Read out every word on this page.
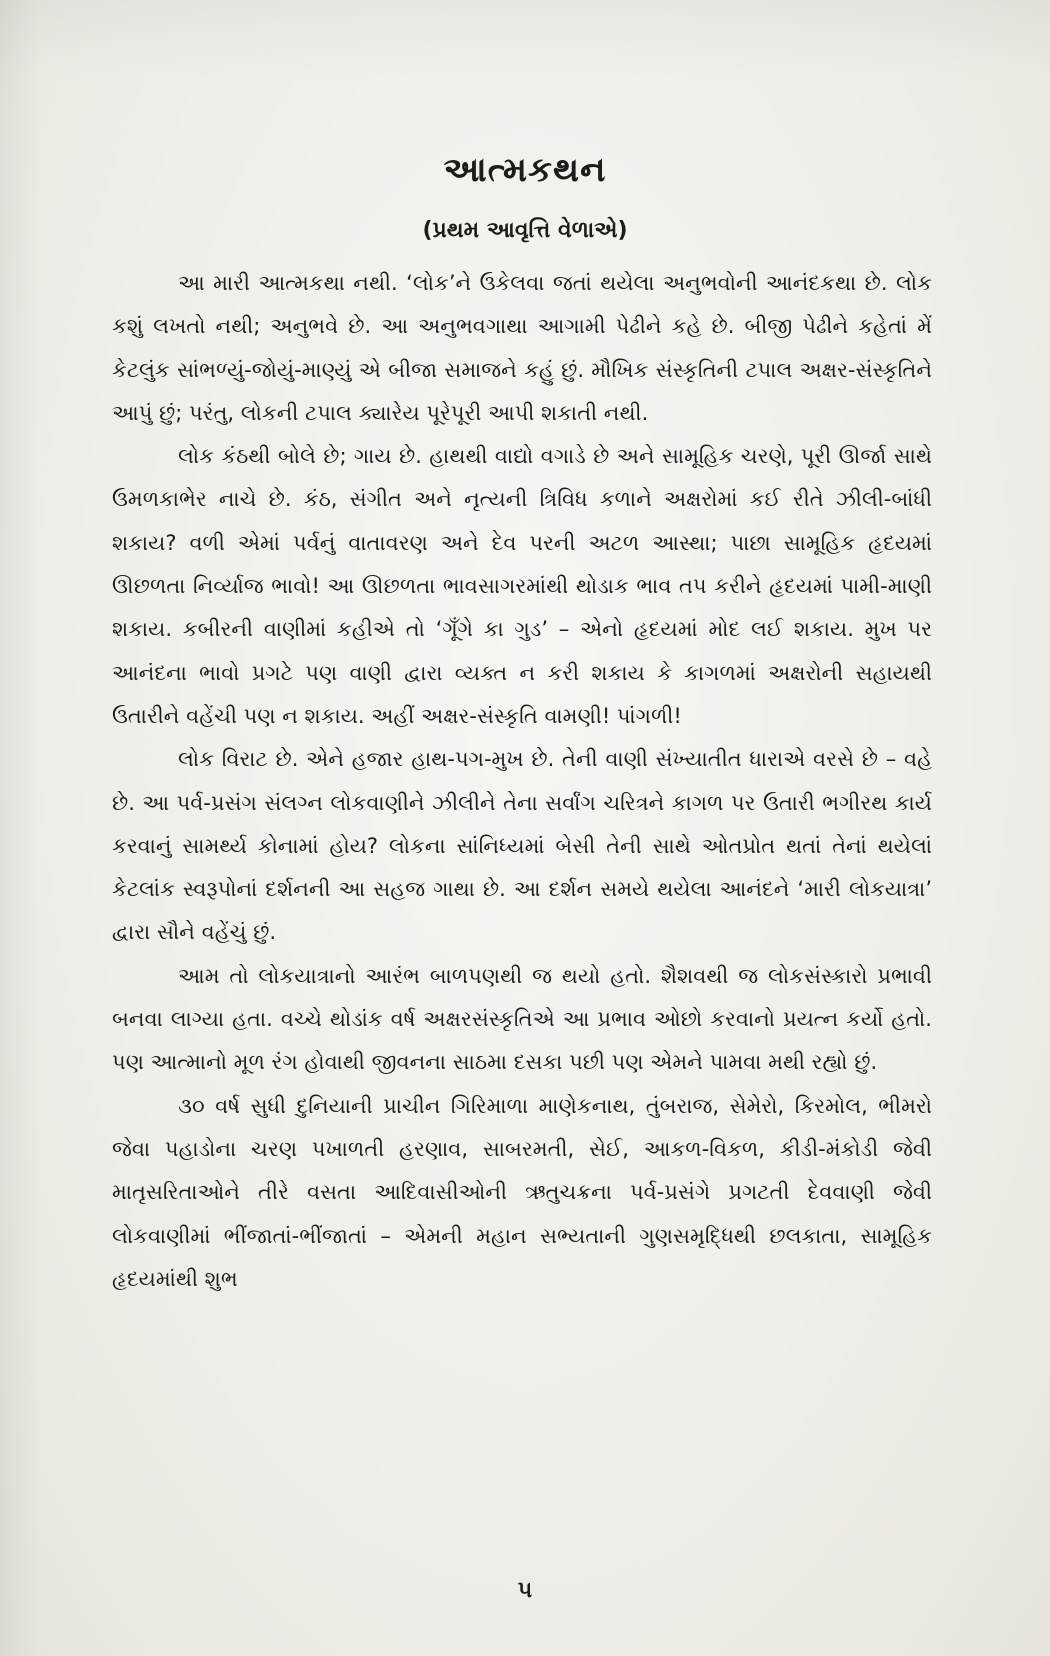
આત્મકથન
(પ્રથમ આવૃત્તિ વેળાએ)

આ મારી આત્મકથા નથી. ‘લોક’ને ઉકેલવા જતાં થયેલા અનુભવોની આનંદકથા છે. લોક કશું લખતો નથી; અનુભવે છે. આ અનુભવગાથા આગામી પેઢીને કહે છે. બીજી પેઢીને કહેતાં મેં કેટલુંક સાંભળ્યું-જોયું-માણ્યું એ બીજા સમાજને કહું છું. મૌખિક સંસ્કૃતિની ટપાલ અક્ષર-સંસ્કૃતિને આપું છું; પરંતુ, લોકની ટપાલ ક્યારેય પૂરેપૂરી આપી શકાતી નથી.

લોક કંઠથી બોલે છે; ગાય છે. હાથથી વાદ્યો વગાડે છે અને સામૂહિક ચરણે, પૂરી ઊર્જા સાથે ઉમળકાભેર નાચે છે. કંઠ, સંગીત અને નૃત્યની ત્રિવિધ કળાને અક્ષરોમાં કઈ રીતે ઝીલી-બાંધી શકાય? વળી એમાં પર્વનું વાતાવરણ અને દેવ પરની અટળ આસ્થા; પાછા સામૂહિક હૃદયમાં ઊછળતા નિર્વ્યાજ ભાવો! આ ઊછળતા ભાવસાગરમાંથી થોડાક ભાવ તપ કરીને હૃદયમાં પામી-માણી શકાય. કબીરની વાણીમાં કહીએ તો ‘ગૂઁગે કા ગુડ’ – એનો હૃદયમાં મોદ લઈ શકાય. મુખ પર આનંદના ભાવો પ્રગટે પણ વાણી દ્વારા વ્યક્ત ન કરી શકાય કે કાગળમાં અક્ષરોની સહાયથી ઉતારીને વહેંચી પણ ન શકાય. અહીં અક્ષર-સંસ્કૃતિ વામણી! પાંગળી!

લોક વિરાટ છે. એને હજાર હાથ-પગ-મુખ છે. તેની વાણી સંખ્યાતીત ધારાએ વરસે છે – વહે છે. આ પર્વ-પ્રસંગ સંલગ્ન લોકવાણીને ઝીલીને તેના સર્વાંગ ચરિત્રને કાગળ પર ઉતારી ભગીરથ કાર્ય કરવાનું સામર્થ્ય કોનામાં હોય? લોકના સાંનિધ્યમાં બેસી તેની સાથે ઓતપ્રોત થતાં તેનાં થયેલાં કેટલાંક સ્વરૂપોનાં દર્શનની આ સહજ ગાથા છે. આ દર્શન સમયે થયેલા આનંદને ‘મારી લોકયાત્રા’ દ્વારા સૌને વહેંચું છું.

આમ તો લોકયાત્રાનો આરંભ બાળપણથી જ થયો હતો. શૈશવથી જ લોકસંસ્કારો પ્રભાવી બનવા લાગ્યા હતા. વચ્ચે થોડાંક વર્ષ અક્ષરસંસ્કૃતિએ આ પ્રભાવ ઓછો કરવાનો પ્રયત્ન કર્યો હતો. પણ આત્માનો મૂળ રંગ હોવાથી જીવનના સાઠમા દસકા પછી પણ એમને પામવા મથી રહ્યો છું.

૩૦ વર્ષ સુધી દુનિયાની પ્રાચીન ગિરિમાળા માણેકનાથ, તુંબરાજ, સેમેરો, કિરમોલ, ભીમરો જેવા પહાડોના ચરણ પખાળતી હરણાવ, સાબરમતી, સેઈ, આકળ-વિકળ, કીડી-મંકોડી જેવી માતૃસરિતાઓને તીરે વસતા આદિવાસીઓની ઋતુચક્રના પર્વ-પ્રસંગે પ્રગટતી દેવવાણી જેવી લોકવાણીમાં ભીંજાતાં-ભીંજાતાં – એમની મહાન સભ્યતાની ગુણસમૃદ્ધિથી છલકાતા, સામૂહિક હૃદયમાંથી શુભ

૫
